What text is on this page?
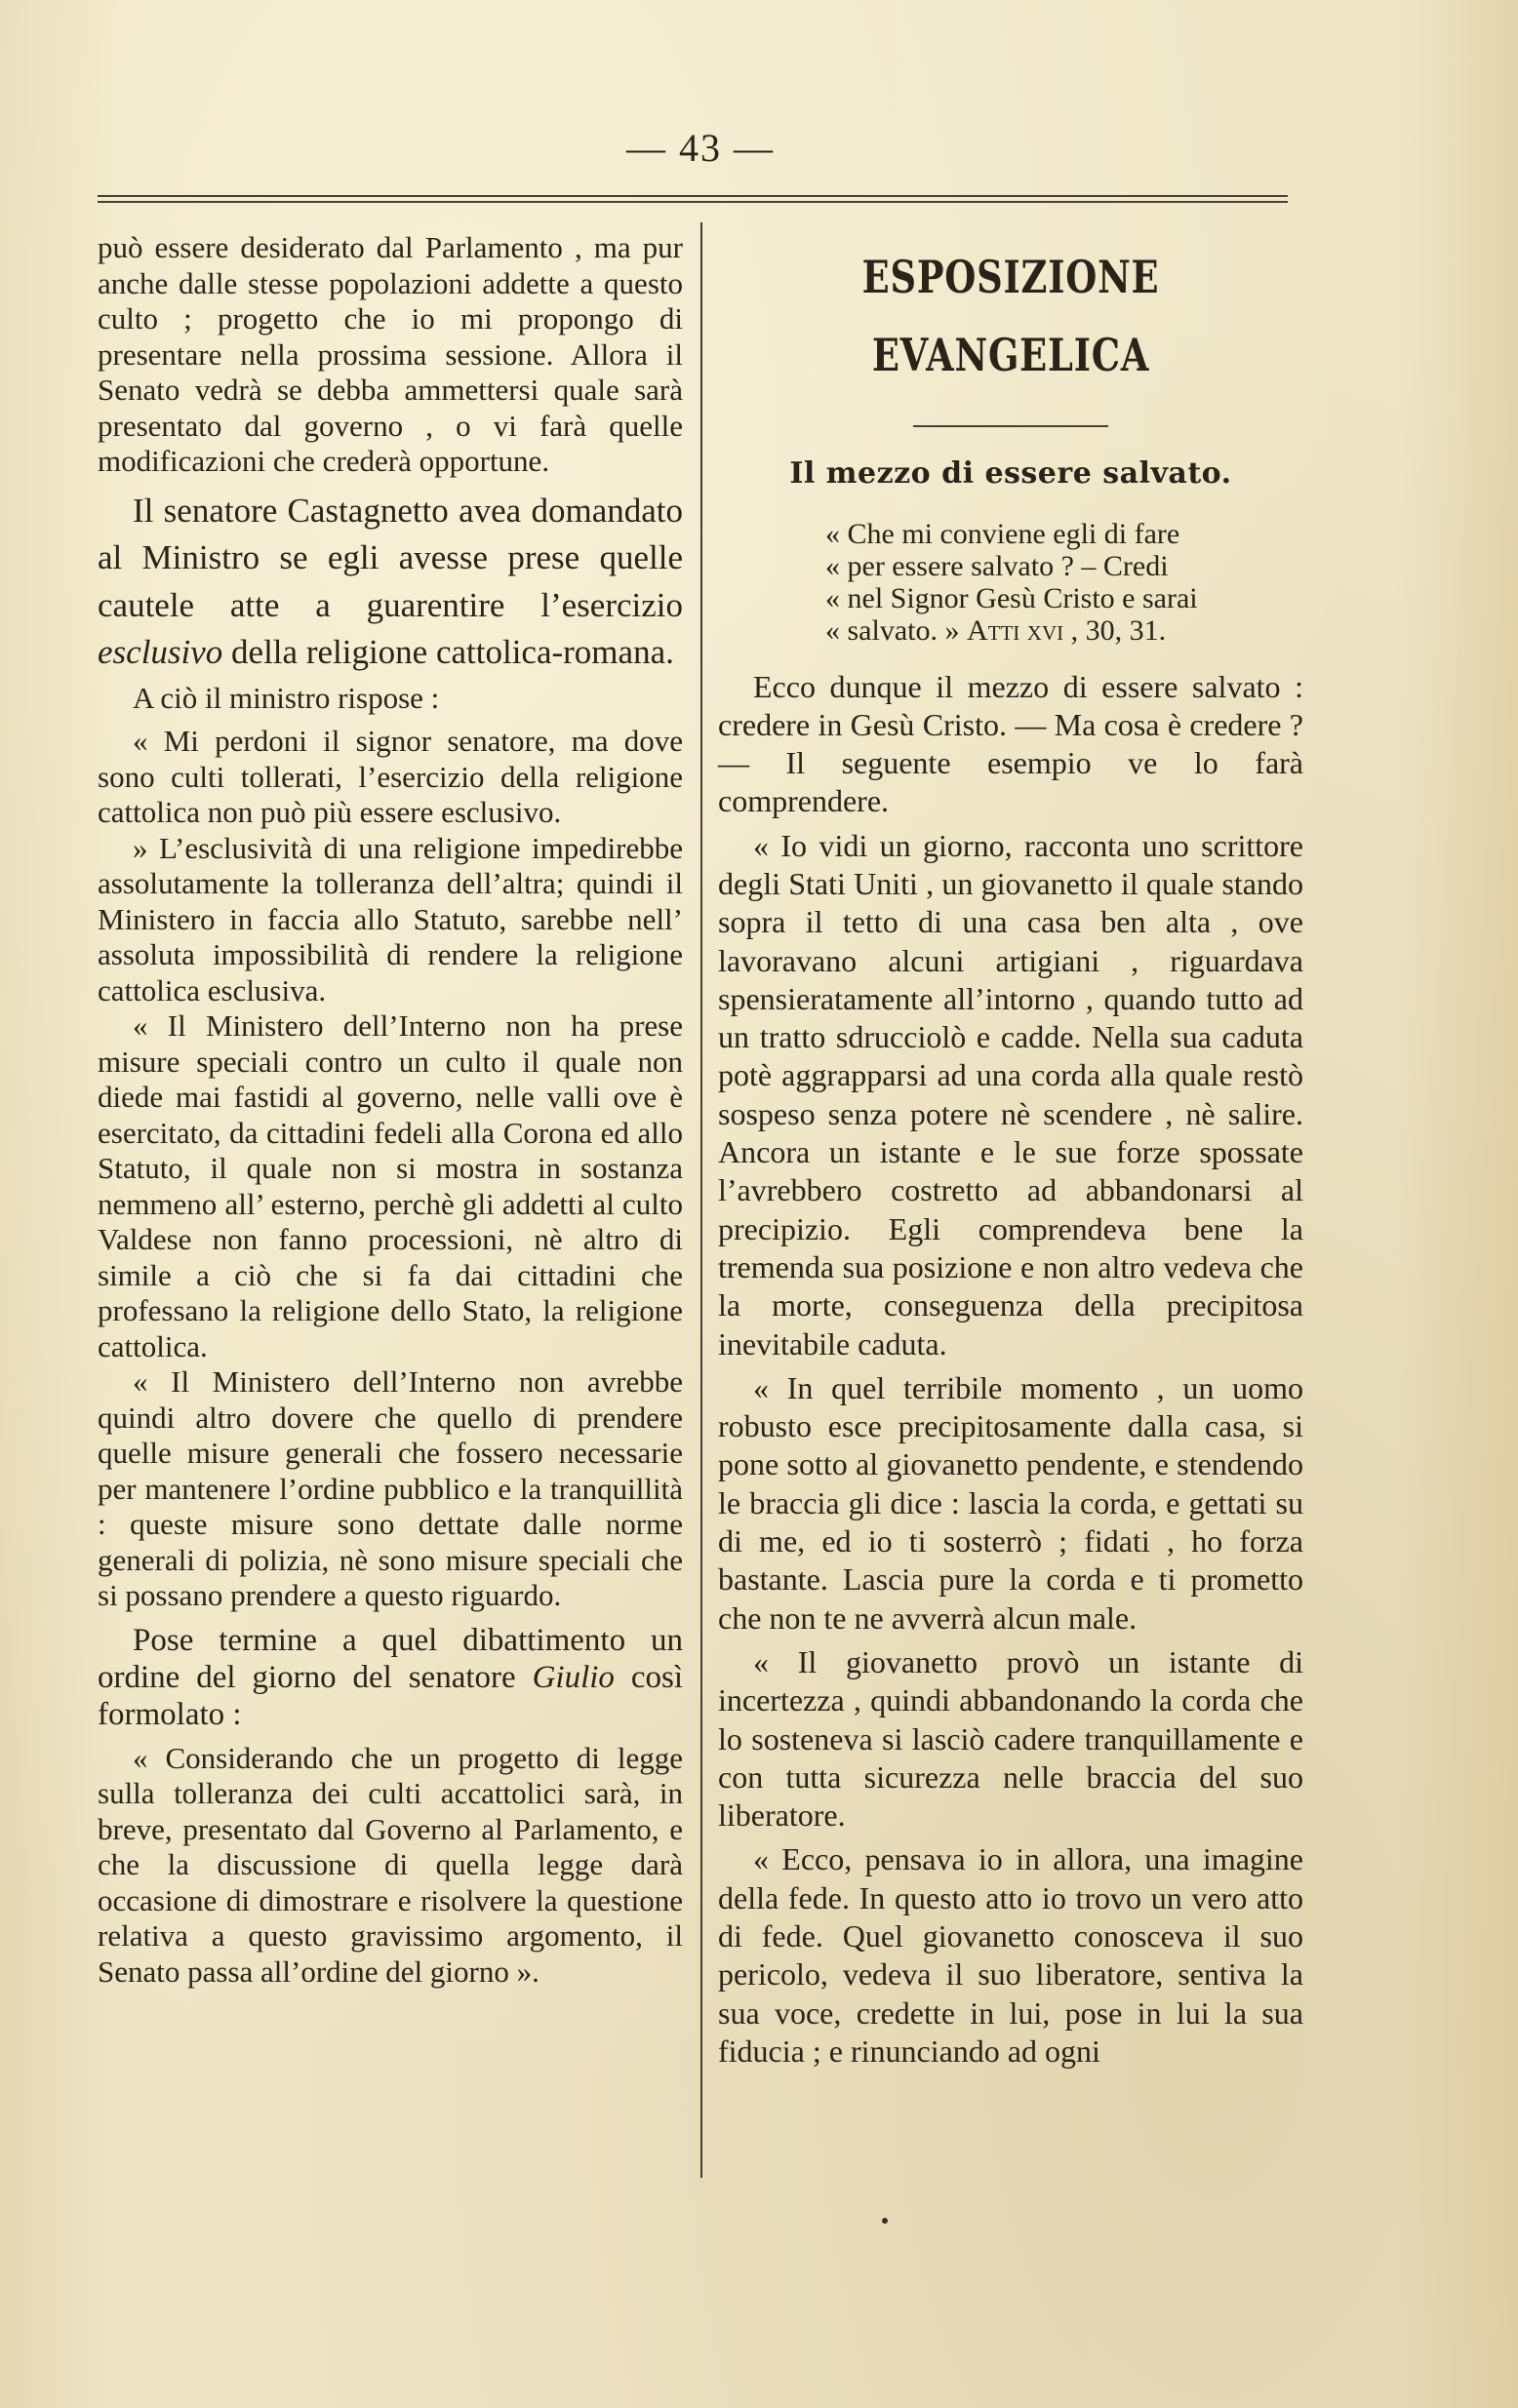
— 43 —

può essere desiderato dal Parlamento , ma pur anche dalle stesse popolazioni addette a questo culto ; progetto che io mi propongo di presentare nella prossima sessione. Allora il Senato vedrà se debba ammettersi quale sarà presentato dal governo , o vi farà quelle modificazioni che crederà opportune.

Il senatore Castagnetto avea domandato al Ministro se egli avesse prese quelle cautele atte a guarentire l’esercizio esclusivo della religione cattolica-romana.

A ciò il ministro rispose :

« Mi perdoni il signor senatore, ma dove sono culti tollerati, l’esercizio della religione cattolica non può più essere esclusivo.

» L’esclusività di una religione impedirebbe assolutamente la tolleranza dell’altra; quindi il Ministero in faccia allo Statuto, sarebbe nell’ assoluta impossibilità di rendere la religione cattolica esclusiva.

« Il Ministero dell’Interno non ha prese misure speciali contro un culto il quale non diede mai fastidi al governo, nelle valli ove è esercitato, da cittadini fedeli alla Corona ed allo Statuto, il quale non si mostra in sostanza nemmeno all’ esterno, perchè gli addetti al culto Valdese non fanno processioni, nè altro di simile a ciò che si fa dai cittadini che professano la religione dello Stato, la religione cattolica.

« Il Ministero dell’Interno non avrebbe quindi altro dovere che quello di prendere quelle misure generali che fossero necessarie per mantenere l’ordine pubblico e la tranquillità : queste misure sono dettate dalle norme generali di polizia, nè sono misure speciali che si possano prendere a questo riguardo.

Pose termine a quel dibattimento un ordine del giorno del senatore Giulio così formolato :

« Considerando che un progetto di legge sulla tolleranza dei culti accattolici sarà, in breve, presentato dal Governo al Parlamento, e che la discussione di quella legge darà occasione di dimostrare e risolvere la questione relativa a questo gravissimo argomento, il Senato passa all’ordine del giorno ».

ESPOSIZIONE EVANGELICA
Il mezzo di essere salvato.
« Che mi conviene egli di fare
« per essere salvato ? – Credi
« nel Signor Gesù Cristo e sarai
« salvato. » Atti xvi , 30, 31.

Ecco dunque il mezzo di essere salvato : credere in Gesù Cristo. — Ma cosa è credere ? — Il seguente esempio ve lo farà comprendere.

« Io vidi un giorno, racconta uno scrittore degli Stati Uniti , un giovanetto il quale stando sopra il tetto di una casa ben alta , ove lavoravano alcuni artigiani , riguardava spensieratamente all’intorno , quando tutto ad un tratto sdrucciolò e cadde. Nella sua caduta potè aggrapparsi ad una corda alla quale restò sospeso senza potere nè scendere , nè salire. Ancora un istante e le sue forze spossate l’avrebbero costretto ad abbandonarsi al precipizio. Egli comprendeva bene la tremenda sua posizione e non altro vedeva che la morte, conseguenza della precipitosa inevitabile caduta.

« In quel terribile momento , un uomo robusto esce precipitosamente dalla casa, si pone sotto al giovanetto pendente, e stendendo le braccia gli dice : lascia la corda, e gettati su di me, ed io ti sosterrò ; fidati , ho forza bastante. Lascia pure la corda e ti prometto che non te ne avverrà alcun male.

« Il giovanetto provò un istante di incertezza , quindi abbandonando la corda che lo sosteneva si lasciò cadere tranquillamente e con tutta sicurezza nelle braccia del suo liberatore.

« Ecco, pensava io in allora, una imagine della fede. In questo atto io trovo un vero atto di fede. Quel giovanetto conosceva il suo pericolo, vedeva il suo liberatore, sentiva la sua voce, credette in lui, pose in lui la sua fiducia ; e rinunciando ad ogni
